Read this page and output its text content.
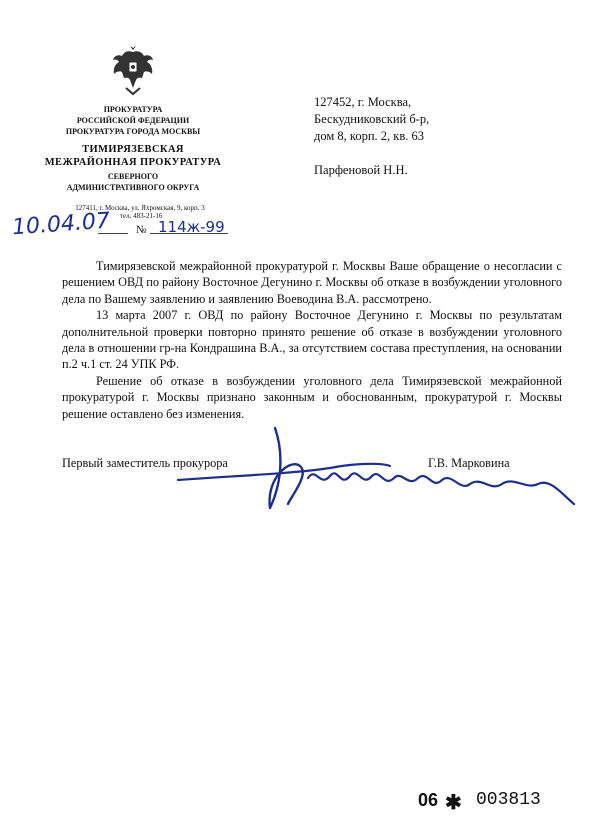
ПРОКУРАТУРА
РОССИЙСКОЙ ФЕДЕРАЦИИ
ПРОКУРАТУРА ГОРОДА МОСКВЫ
ТИМИРЯЗЕВСКАЯ
МЕЖРАЙОННАЯ ПРОКУРАТУРА
СЕВЕРНОГО
АДМИНИСТРАТИВНОГО ОКРУГА
127411, г. Москва, ул. Яхромская, 9, корп. 3
тел. 483-21-16
10.04.07 № 114ж-99
127452, г. Москва,
Бескудниковский б-р,
дом 8, корп. 2, кв. 63
Парфеновой Н.Н.

Тимирязевской межрайонной прокуратурой г. Москвы Ваше обращение о несогласии с решением ОВД по району Восточное Дегунино г. Москвы об отказе в возбуждении уголовного дела по Вашему заявлению и заявлению Воеводина В.А. рассмотрено.

13 марта 2007 г. ОВД по району Восточное Дегунино г. Москвы по результатам дополнительной проверки повторно принято решение об отказе в возбуждении уголовного дела в отношении гр-на Кондрашина В.А., за отсутствием состава преступления, на основании п.2 ч.1 ст. 24 УПК РФ.

Решение об отказе в возбуждении уголовного дела Тимирязевской межрайонной прокуратурой г. Москвы признано законным и обоснованным, прокуратурой г. Москвы решение оставлено без изменения.

Первый заместитель прокурора	Г.В. Марковина
06 ✱ 003813
